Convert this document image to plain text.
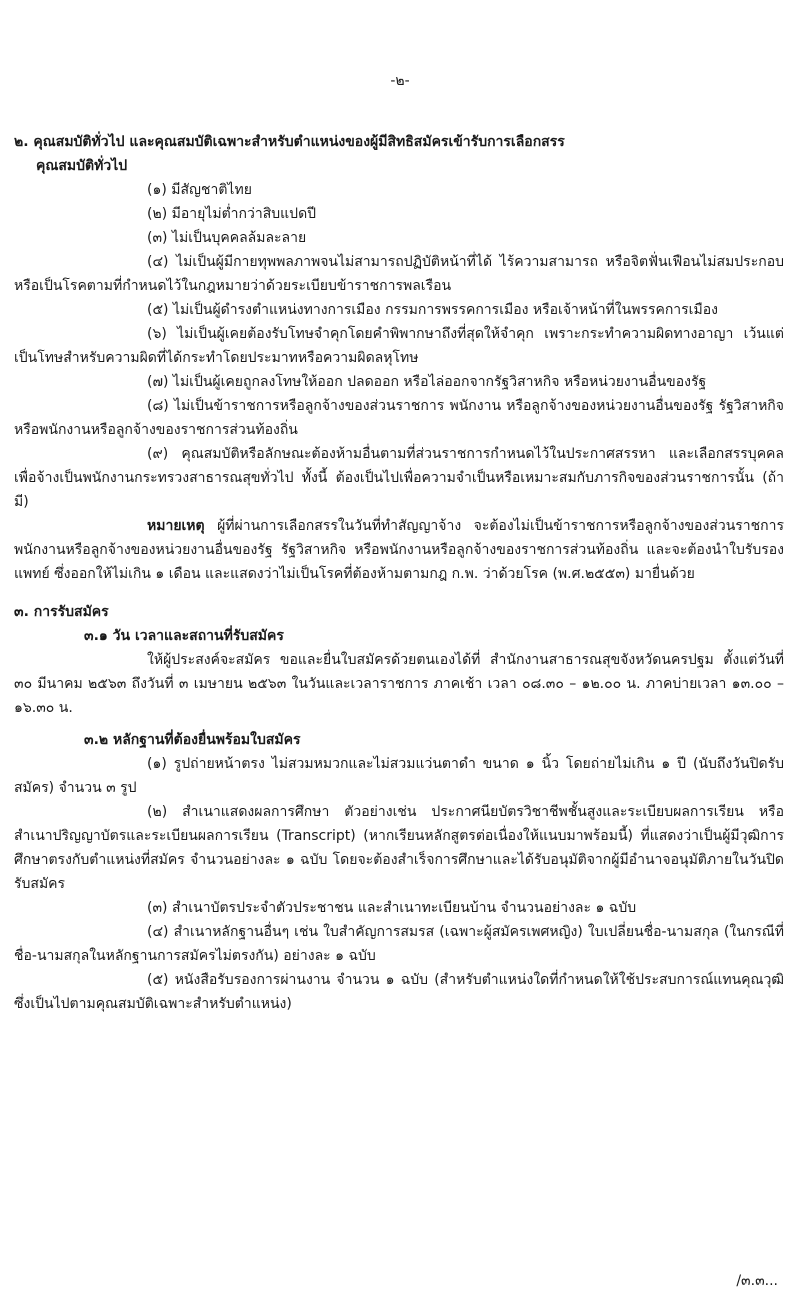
-๒-
๒. คุณสมบัติทั่วไป และคุณสมบัติเฉพาะสำหรับตำแหน่งของผู้มีสิทธิสมัครเข้ารับการเลือกสรร
คุณสมบัติทั่วไป
(๑) มีสัญชาติไทย
(๒) มีอายุไม่ต่ำกว่าสิบแปดปี
(๓) ไม่เป็นบุคคลล้มละลาย
(๔) ไม่เป็นผู้มีกายทุพพลภาพจนไม่สามารถปฏิบัติหน้าที่ได้ ไร้ความสามารถ หรือจิตฟั่นเฟือนไม่สมประกอบ หรือเป็นโรคตามที่กำหนดไว้ในกฎหมายว่าด้วยระเบียบข้าราชการพลเรือน
(๕) ไม่เป็นผู้ดำรงตำแหน่งทางการเมือง กรรมการพรรคการเมือง หรือเจ้าหน้าที่ในพรรคการเมือง
(๖) ไม่เป็นผู้เคยต้องรับโทษจำคุกโดยคำพิพากษาถึงที่สุดให้จำคุก เพราะกระทำความผิดทางอาญา เว้นแต่เป็นโทษสำหรับความผิดที่ได้กระทำโดยประมาทหรือความผิดลหุโทษ
(๗) ไม่เป็นผู้เคยถูกลงโทษให้ออก ปลดออก หรือไล่ออกจากรัฐวิสาหกิจ หรือหน่วยงานอื่นของรัฐ
(๘) ไม่เป็นข้าราชการหรือลูกจ้างของส่วนราชการ พนักงาน หรือลูกจ้างของหน่วยงานอื่นของรัฐ รัฐวิสาหกิจ หรือพนักงานหรือลูกจ้างของราชการส่วนท้องถิ่น
(๙) คุณสมบัติหรือลักษณะต้องห้ามอื่นตามที่ส่วนราชการกำหนดไว้ในประกาศสรรหา และเลือกสรรบุคคลเพื่อจ้างเป็นพนักงานกระทรวงสาธารณสุขทั่วไป ทั้งนี้ ต้องเป็นไปเพื่อความจำเป็นหรือเหมาะสมกับภารกิจของส่วนราชการนั้น (ถ้ามี)
หมายเหตุ ผู้ที่ผ่านการเลือกสรรในวันที่ทำสัญญาจ้าง จะต้องไม่เป็นข้าราชการหรือลูกจ้างของส่วนราชการ พนักงานหรือลูกจ้างของหน่วยงานอื่นของรัฐ รัฐวิสาหกิจ หรือพนักงานหรือลูกจ้างของราชการส่วนท้องถิ่น และจะต้องนำใบรับรองแพทย์ ซึ่งออกให้ไม่เกิน ๑ เดือน และแสดงว่าไม่เป็นโรคที่ต้องห้ามตามกฎ ก.พ. ว่าด้วยโรค (พ.ศ.๒๕๕๓) มายื่นด้วย
๓. การรับสมัคร
๓.๑ วัน เวลาและสถานที่รับสมัคร
ให้ผู้ประสงค์จะสมัคร ขอและยื่นใบสมัครด้วยตนเองได้ที่ สำนักงานสาธารณสุขจังหวัดนครปฐม ตั้งแต่วันที่ ๓๐ มีนาคม ๒๕๖๓ ถึงวันที่ ๓ เมษายน ๒๕๖๓ ในวันและเวลาราชการ ภาคเช้า เวลา ๐๘.๓๐ – ๑๒.๐๐ น. ภาคบ่ายเวลา ๑๓.๐๐ – ๑๖.๓๐ น.
๓.๒ หลักฐานที่ต้องยื่นพร้อมใบสมัคร
(๑) รูปถ่ายหน้าตรง ไม่สวมหมวกและไม่สวมแว่นตาดำ ขนาด ๑ นิ้ว โดยถ่ายไม่เกิน ๑ ปี (นับถึงวันปิดรับสมัคร) จำนวน ๓ รูป
(๒) สำเนาแสดงผลการศึกษา ตัวอย่างเช่น ประกาศนียบัตรวิชาชีพชั้นสูงและระเบียบผลการเรียน หรือ สำเนาปริญญาบัตรและระเบียนผลการเรียน (Transcript) (หากเรียนหลักสูตรต่อเนื่องให้แนบมาพร้อมนี้) ที่แสดงว่าเป็นผู้มีวุฒิการศึกษาตรงกับตำแหน่งที่สมัคร จำนวนอย่างละ ๑ ฉบับ โดยจะต้องสำเร็จการศึกษาและได้รับอนุมัติจากผู้มีอำนาจอนุมัติภายในวันปิดรับสมัคร
(๓) สำเนาบัตรประจำตัวประชาชน และสำเนาทะเบียนบ้าน จำนวนอย่างละ ๑ ฉบับ
(๔) สำเนาหลักฐานอื่นๆ เช่น ใบสำคัญการสมรส (เฉพาะผู้สมัครเพศหญิง) ใบเปลี่ยนชื่อ-นามสกุล (ในกรณีที่ชื่อ-นามสกุลในหลักฐานการสมัครไม่ตรงกัน) อย่างละ ๑ ฉบับ
(๕) หนังสือรับรองการผ่านงาน จำนวน ๑ ฉบับ (สำหรับตำแหน่งใดที่กำหนดให้ใช้ประสบการณ์แทนคุณวุฒิ ซึ่งเป็นไปตามคุณสมบัติเฉพาะสำหรับตำแหน่ง)
/๓.๓...
